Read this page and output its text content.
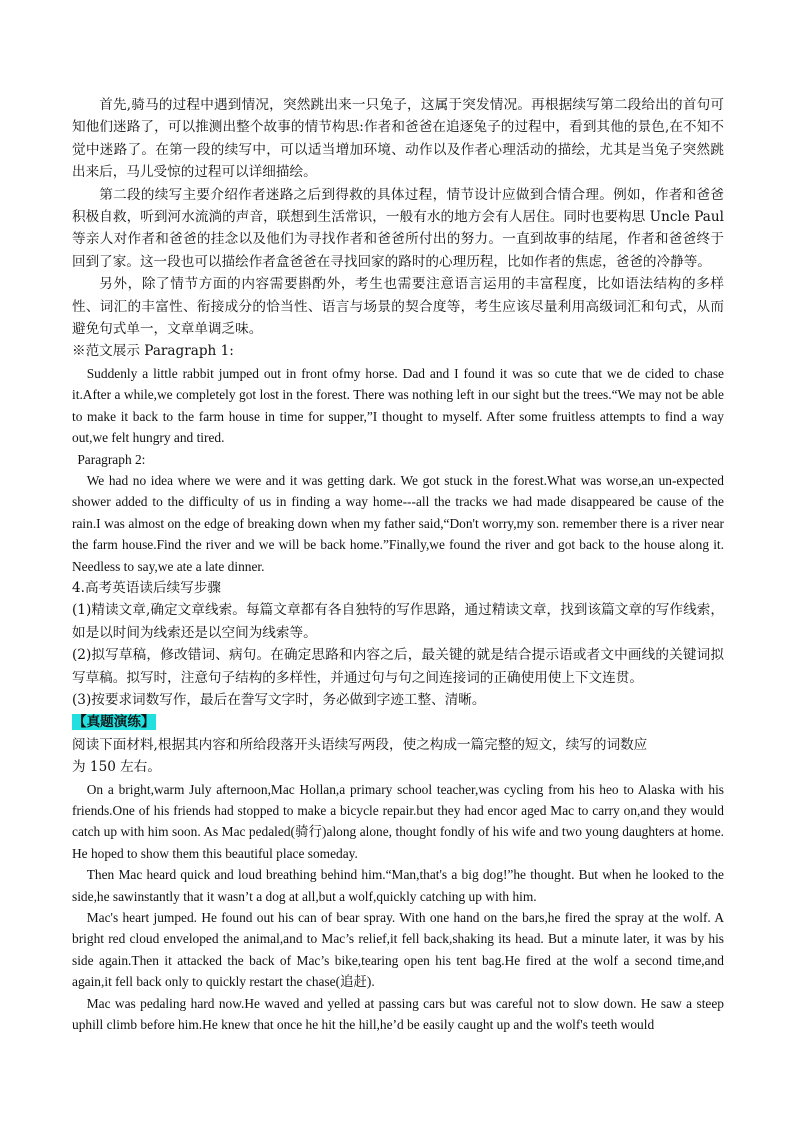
首先,骑马的过程中遇到情况，突然跳出来一只兔子，这属于突发情况。再根据续写第二段给出的首句可知他们迷路了，可以推测出整个故事的情节构思:作者和爸爸在追逐兔子的过程中，看到其他的景色,在不知不觉中迷路了。在第一段的续写中，可以适当增加环境、动作以及作者心理活动的描绘，尤其是当兔子突然跳出来后，马儿受惊的过程可以详细描绘。

第二段的续写主要介绍作者迷路之后到得救的具体过程，情节设计应做到合情合理。例如，作者和爸爸积极自救，听到河水流淌的声音，联想到生活常识，一般有水的地方会有人居住。同时也要构思 Uncle Paul 等亲人对作者和爸爸的挂念以及他们为寻找作者和爸爸所付出的努力。一直到故事的结尾，作者和爸爸终于回到了家。这一段也可以描绘作者盒爸爸在寻找回家的路时的心理历程，比如作者的焦虑，爸爸的冷静等。

另外，除了情节方面的内容需要斟酌外，考生也需要注意语言运用的丰富程度，比如语法结构的多样性、词汇的丰富性、衔接成分的恰当性、语言与场景的契合度等，考生应该尽量利用高级词汇和句式，从而避免句式单一，文章单调乏味。

※范文展示 Paragraph 1:

Suddenly a little rabbit jumped out in front ofmy horse. Dad and I found it was so cute that we de cided to chase it.After a while,we completely got lost in the forest. There was nothing left in our sight but the trees.“We may not be able to make it back to the farm house in time for supper,”I thought to myself. After some fruitless attempts to find a way out,we felt hungry and tired.

Paragraph 2:

We had no idea where we were and it was getting dark. We got stuck in the forest.What was worse,an un-expected shower added to the difficulty of us in finding a way home---all the tracks we had made disappeared be cause of the rain.I was almost on the edge of breaking down when my father said,“Don't worry,my son. remember there is a river near the farm house.Find the river and we will be back home.”Finally,we found the river and got back to the house along it. Needless to say,we ate a late dinner.

4.高考英语读后续写步骤

(1)精读文章,确定文章线索。每篇文章都有各自独特的写作思路，通过精读文章，找到该篇文章的写作线索，如是以时间为线索还是以空间为线索等。

(2)拟写草稿，修改错词、病句。在确定思路和内容之后，最关键的就是结合提示语或者文中画线的关键词拟写草稿。拟写时，注意句子结构的多样性，并通过句与句之间连接词的正确使用使上下文连贯。

(3)按要求词数写作，最后在誊写文字时，务必做到字迹工整、清晰。

【真题演练】

阅读下面材料,根据其内容和所给段落开头语续写两段，使之构成一篇完整的短文，续写的词数应

为 150 左右。

On a bright,warm July afternoon,Mac Hollan,a primary school teacher,was cycling from his heo to Alaska with his friends.One of his friends had stopped to make a bicycle repair.but they had encor aged Mac to carry on,and they would catch up with him soon. As Mac pedaled(骑行)along alone, thought fondly of his wife and two young daughters at home. He hoped to show them this beautiful place someday.

Then Mac heard quick and loud breathing behind him.“Man,that's a big dog!”he thought. But when he looked to the side,he sawinstantly that it wasn’t a dog at all,but a wolf,quickly catching up with him.

Mac's heart jumped. He found out his can of bear spray. With one hand on the bars,he fired the spray at the wolf. A bright red cloud enveloped the animal,and to Mac’s relief,it fell back,shaking its head. But a minute later, it was by his side again.Then it attacked the back of Mac’s bike,tearing open his tent bag.He fired at the wolf a second time,and again,it fell back only to quickly restart the chase(追赶).

Mac was pedaling hard now.He waved and yelled at passing cars but was careful not to slow down. He saw a steep uphill climb before him.He knew that once he hit the hill,he’d be easily caught up and the wolf's teeth would
